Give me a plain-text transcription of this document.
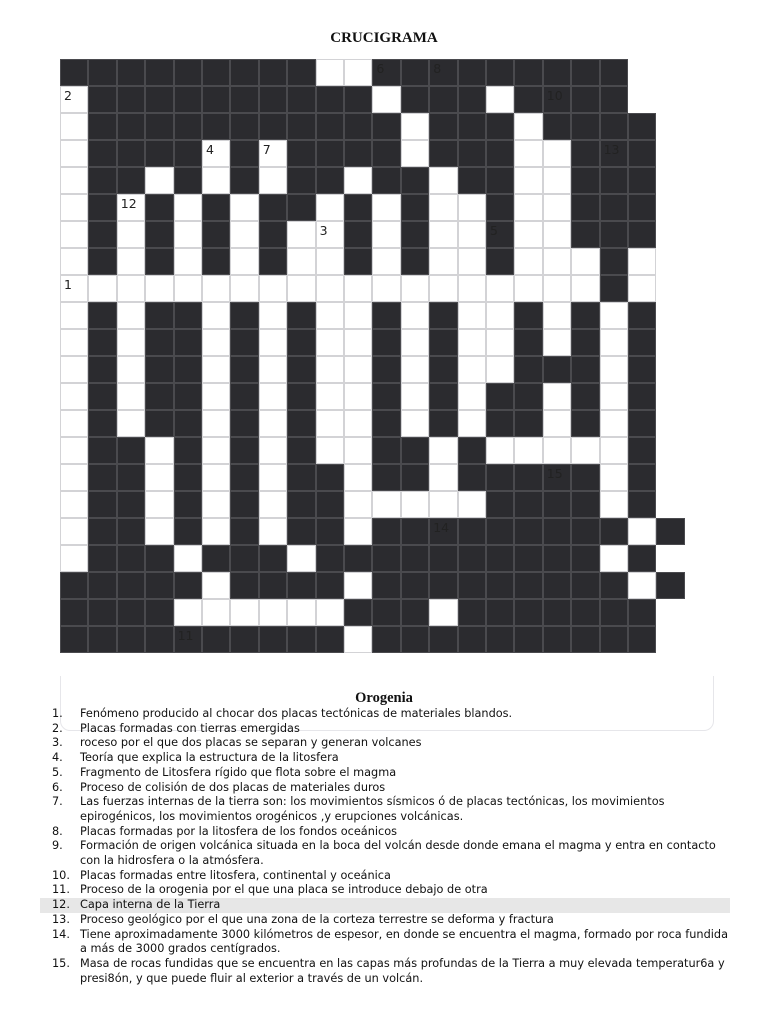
CRUCIGRAMA
6	8
2	10
4	7	13
12
3	5
1
15
14
11
Orogenia
1.	Fenómeno producido al chocar dos placas tectónicas de materiales blandos.
2.	Placas formadas con tierras emergidas
3.	roceso por el que dos placas se separan y generan volcanes
4.	Teoría que explica la estructura de la litosfera
5.	Fragmento de Litosfera rígido que flota sobre el magma
6.	Proceso de colisión de dos placas de materiales duros
7.	Las fuerzas internas de la tierra son: los movimientos sísmicos ó de placas tectónicas, los movimientos epirogénicos, los movimientos orogénicos ,y erupciones volcánicas.
8.	Placas formadas por la litosfera de los fondos oceánicos
9.	Formación de origen volcánica situada en la boca del volcán desde donde emana el magma y entra en contacto con la hidrosfera o la atmósfera.
10. Placas formadas entre litosfera, continental y oceánica
11. Proceso de la orogenia por el que una placa se introduce debajo de otra
12. Capa interna de la Tierra
13. Proceso geológico por el que una zona de la corteza terrestre se deforma y fractura
14. Tiene aproximadamente 3000 kilómetros de espesor, en donde se encuentra el magma, formado por roca fundida a más de 3000 grados centígrados.
15. Masa de rocas fundidas que se encuentra en las capas más profundas de la Tierra a muy elevada temperatur6a y presi8ón, y que puede fluir al exterior a través de un volcán.
